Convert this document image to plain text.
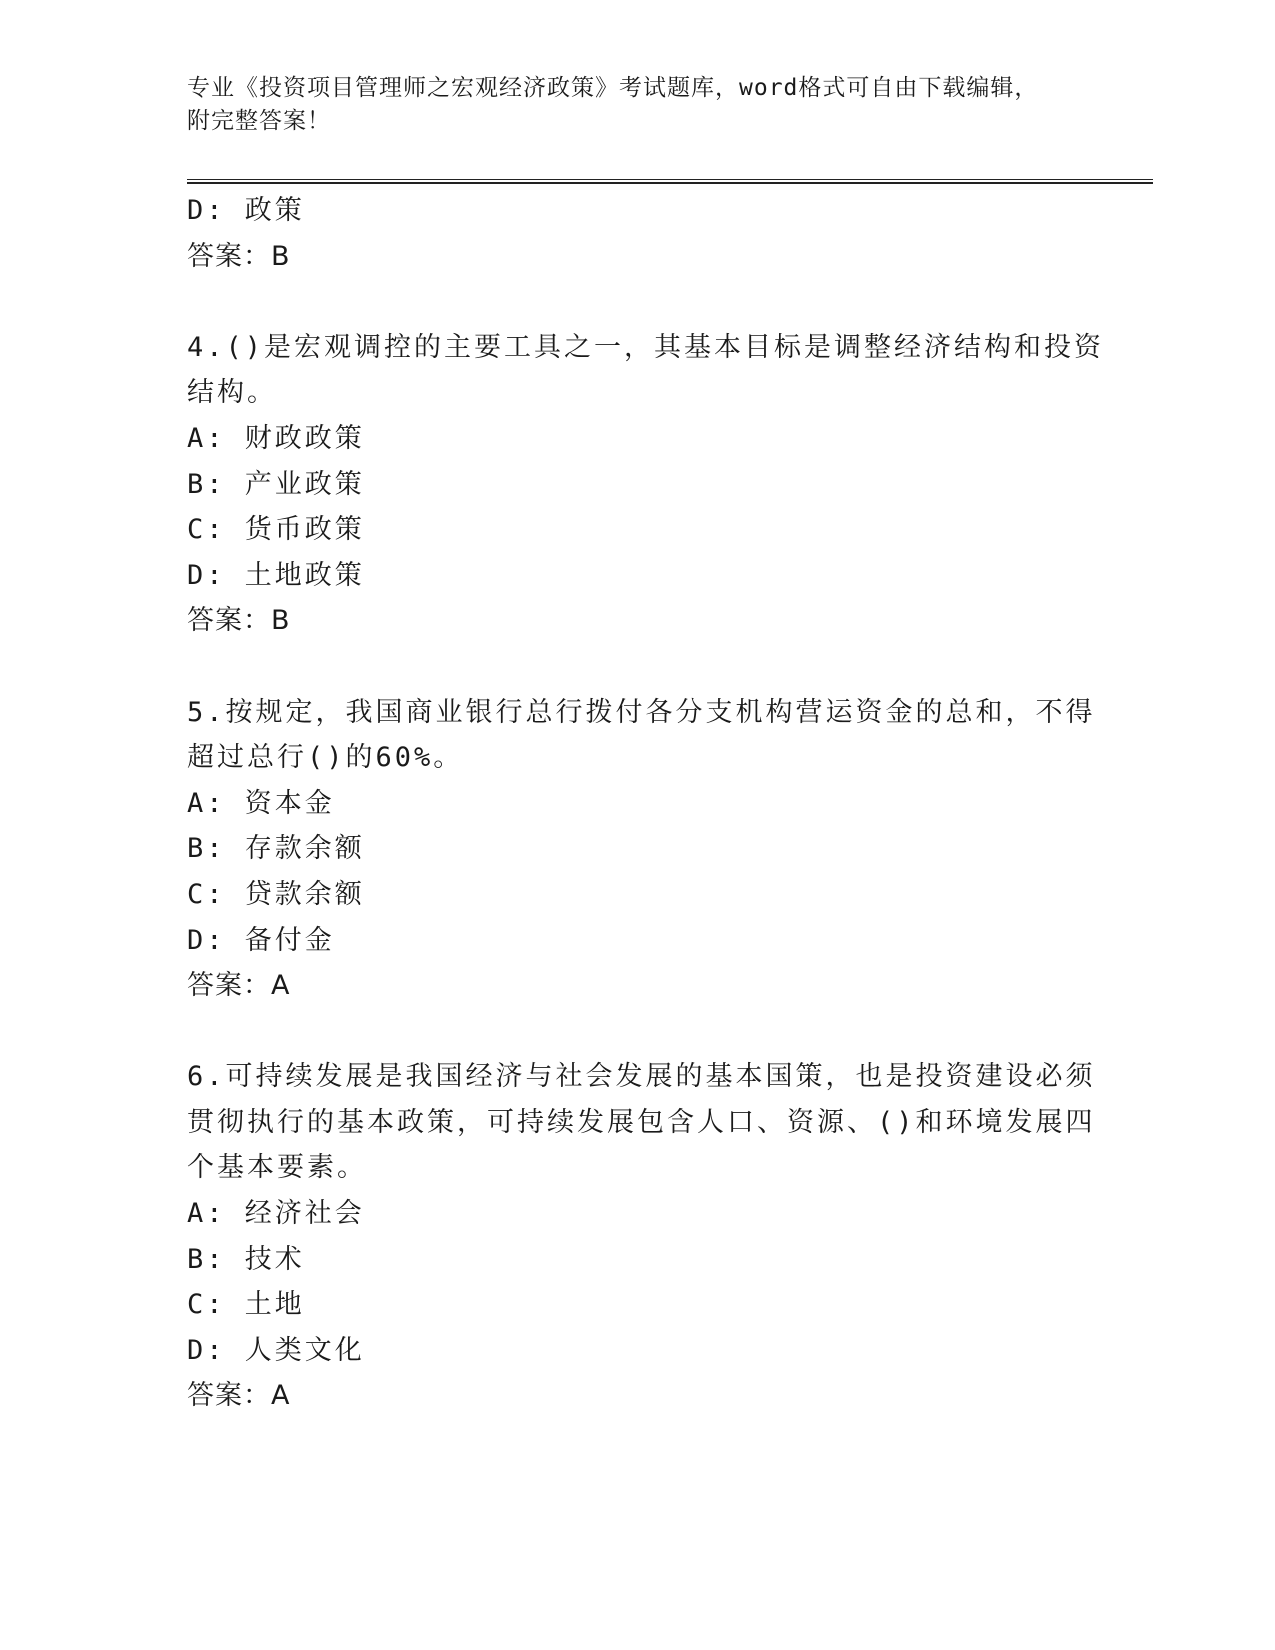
专业《投资项目管理师之宏观经济政策》考试题库，word格式可自由下载编辑，
附完整答案！
D: 政策
答案：B
4.()是宏观调控的主要工具之一，其基本目标是调整经济结构和投资
结构。
A: 财政政策
B: 产业政策
C: 货币政策
D: 土地政策
答案：B
5.按规定，我国商业银行总行拨付各分支机构营运资金的总和，不得
超过总行()的60%。
A: 资本金
B: 存款余额
C: 贷款余额
D: 备付金
答案：A
6.可持续发展是我国经济与社会发展的基本国策，也是投资建设必须
贯彻执行的基本政策，可持续发展包含人口、资源、()和环境发展四
个基本要素。
A: 经济社会
B: 技术
C: 土地
D: 人类文化
答案：A
